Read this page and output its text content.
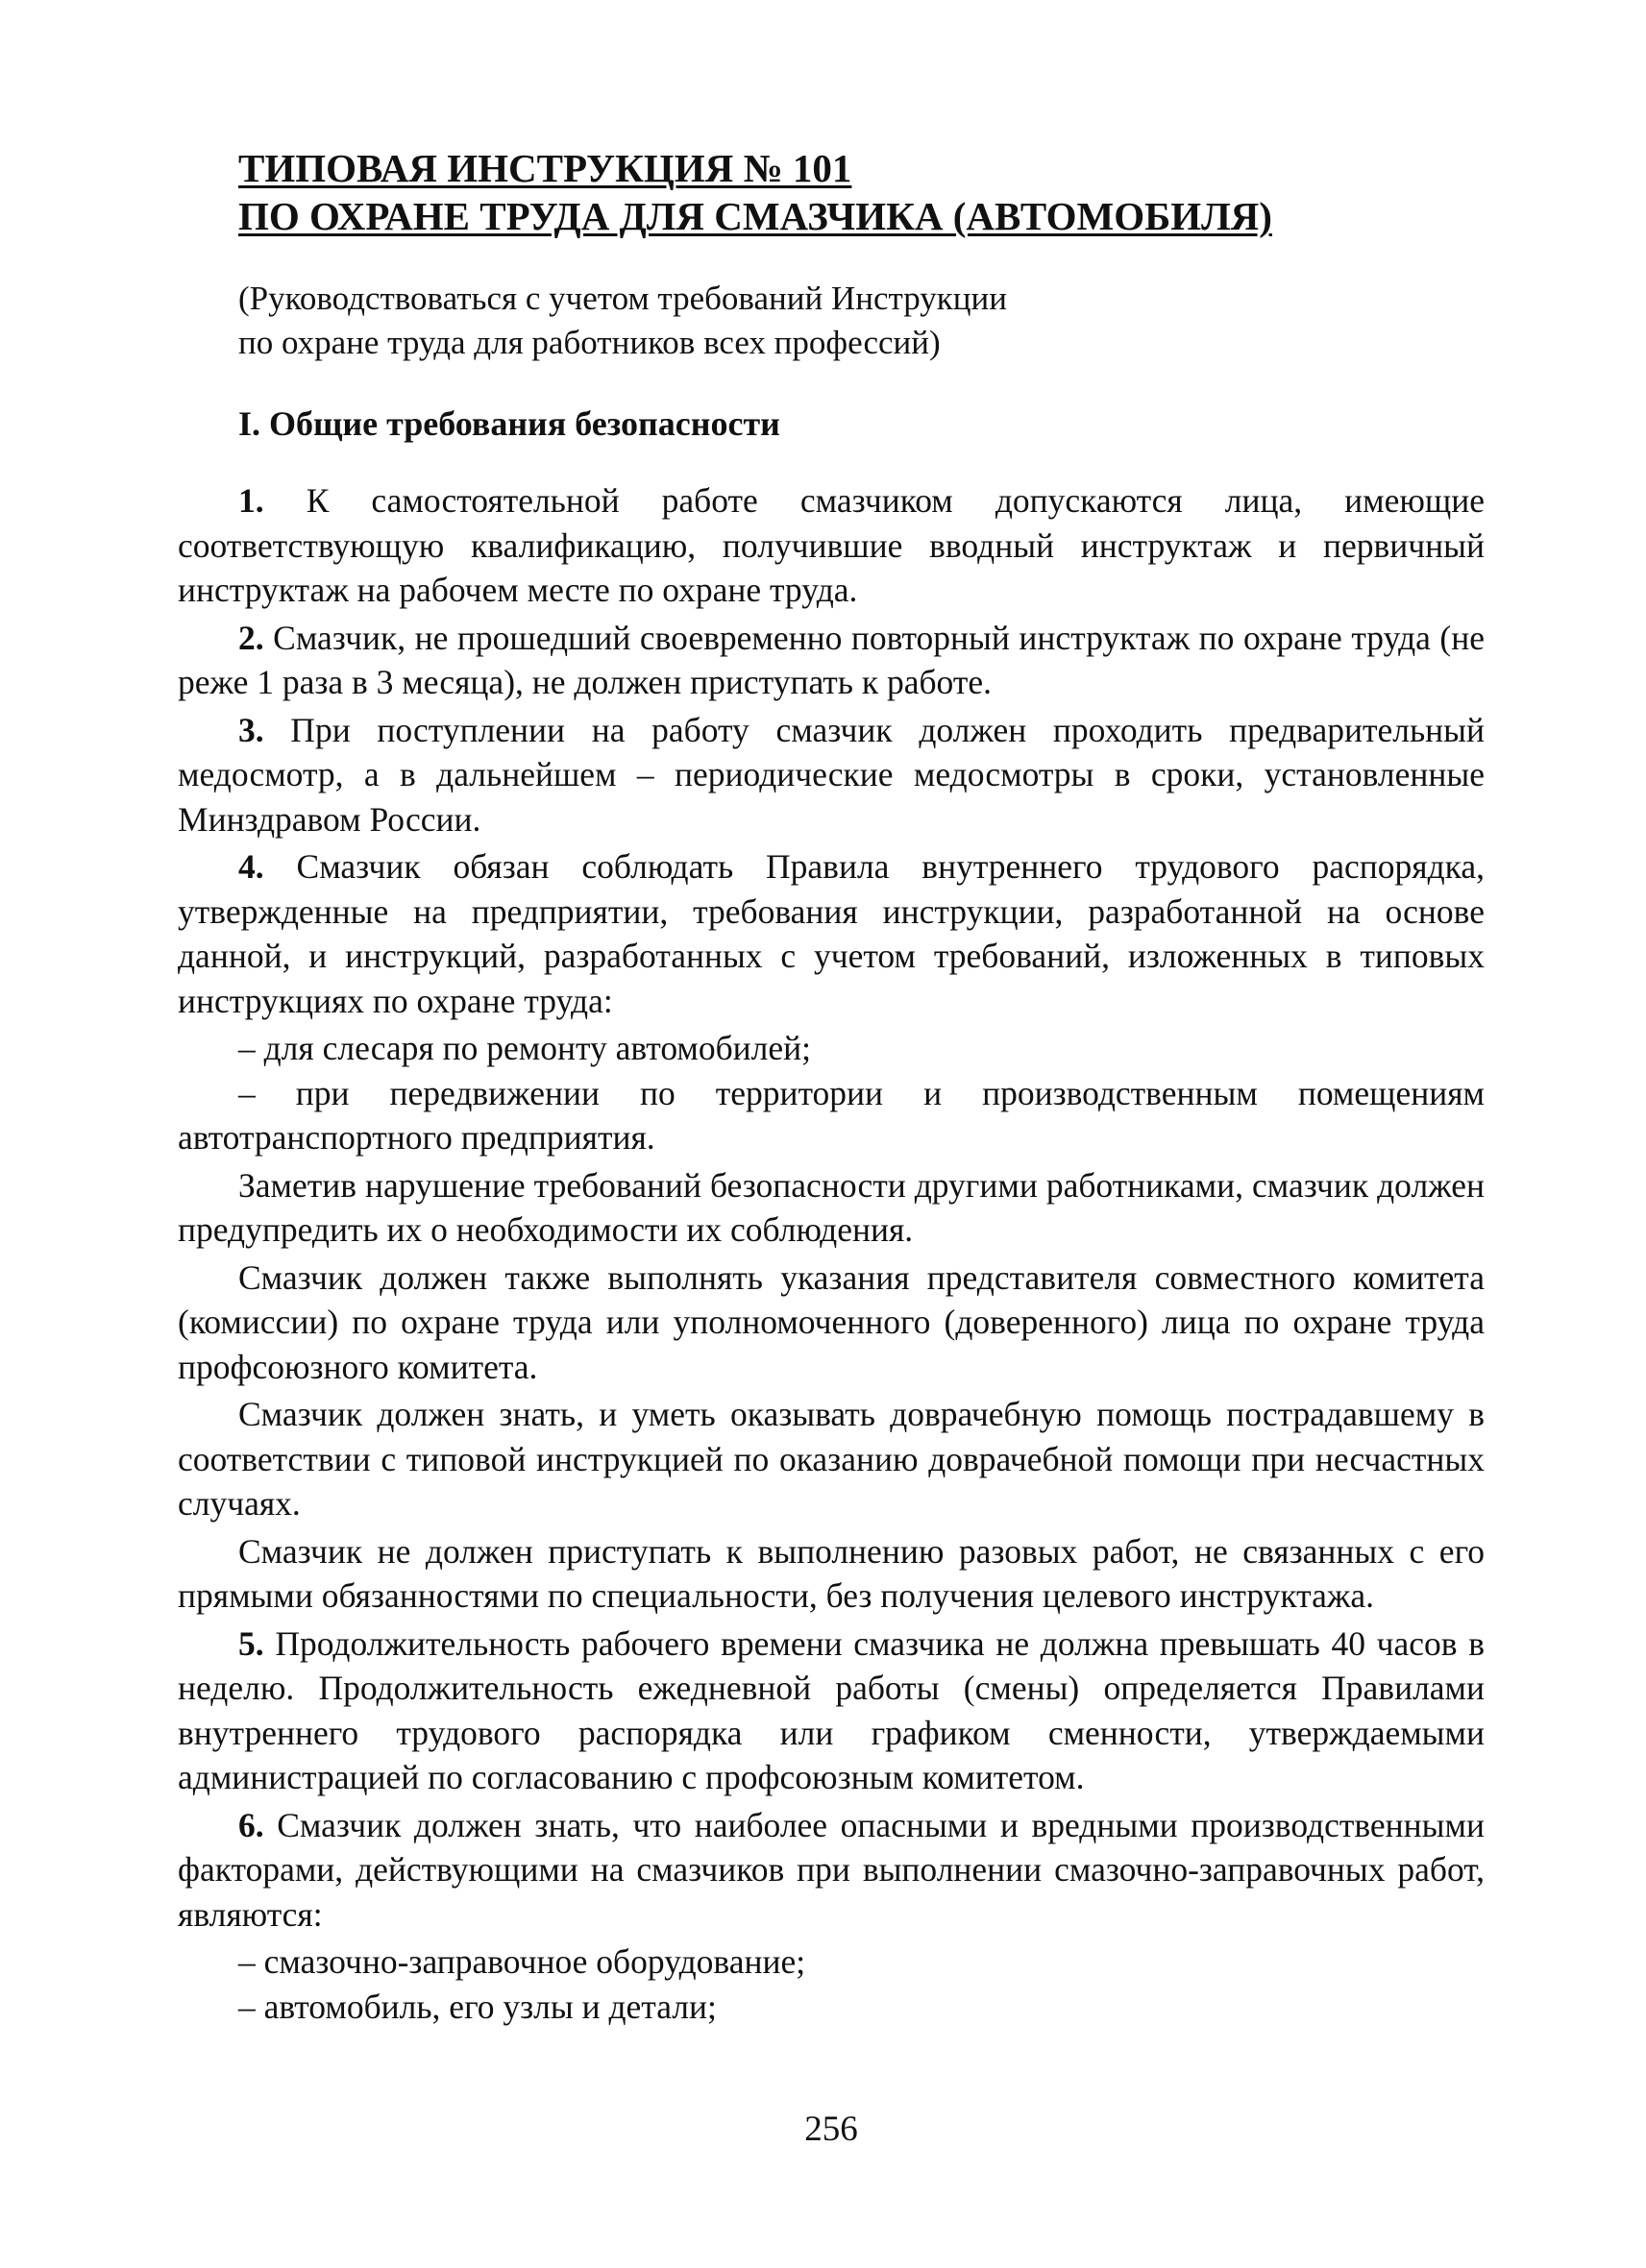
ТИПОВАЯ ИНСТРУКЦИЯ № 101
ПО ОХРАНЕ ТРУДА ДЛЯ СМАЗЧИКА (АВТОМОБИЛЯ)
(Руководствоваться с учетом требований Инструкции
по охране труда для работников всех профессий)
I. Общие требования безопасности

1. К самостоятельной работе смазчиком допускаются лица, имеющие соответствующую квалификацию, получившие вводный инструктаж и первичный инструктаж на рабочем месте по охране труда.

2. Смазчик, не прошедший своевременно повторный инструктаж по охране труда (не реже 1 раза в 3 месяца), не должен приступать к работе.

3. При поступлении на работу смазчик должен проходить предварительный медосмотр, а в дальнейшем – периодические медосмотры в сроки, установленные Минздравом России.

4. Смазчик обязан соблюдать Правила внутреннего трудового распорядка, утвержденные на предприятии, требования инструкции, разработанной на основе данной, и инструкций, разработанных с учетом требований, изложенных в типовых инструкциях по охране труда:

– для слесаря по ремонту автомобилей;

– при передвижении по территории и производственным помещениям автотранспортного предприятия.

Заметив нарушение требований безопасности другими работниками, смазчик должен предупредить их о необходимости их соблюдения.

Смазчик должен также выполнять указания представителя совместного комитета (комиссии) по охране труда или уполномоченного (доверенного) лица по охране труда профсоюзного комитета.

Смазчик должен знать, и уметь оказывать доврачебную помощь пострадавшему в соответствии с типовой инструкцией по оказанию доврачебной помощи при несчастных случаях.

Смазчик не должен приступать к выполнению разовых работ, не связанных с его прямыми обязанностями по специальности, без получения целевого инструктажа.

5. Продолжительность рабочего времени смазчика не должна превышать 40 часов в неделю. Продолжительность ежедневной работы (смены) определяется Правилами внутреннего трудового распорядка или графиком сменности, утверждаемыми администрацией по согласованию с профсоюзным комитетом.

6. Смазчик должен знать, что наиболее опасными и вредными производственными факторами, действующими на смазчиков при выполнении смазочно-заправочных работ, являются:

– смазочно-заправочное оборудование;

– автомобиль, его узлы и детали;

256
